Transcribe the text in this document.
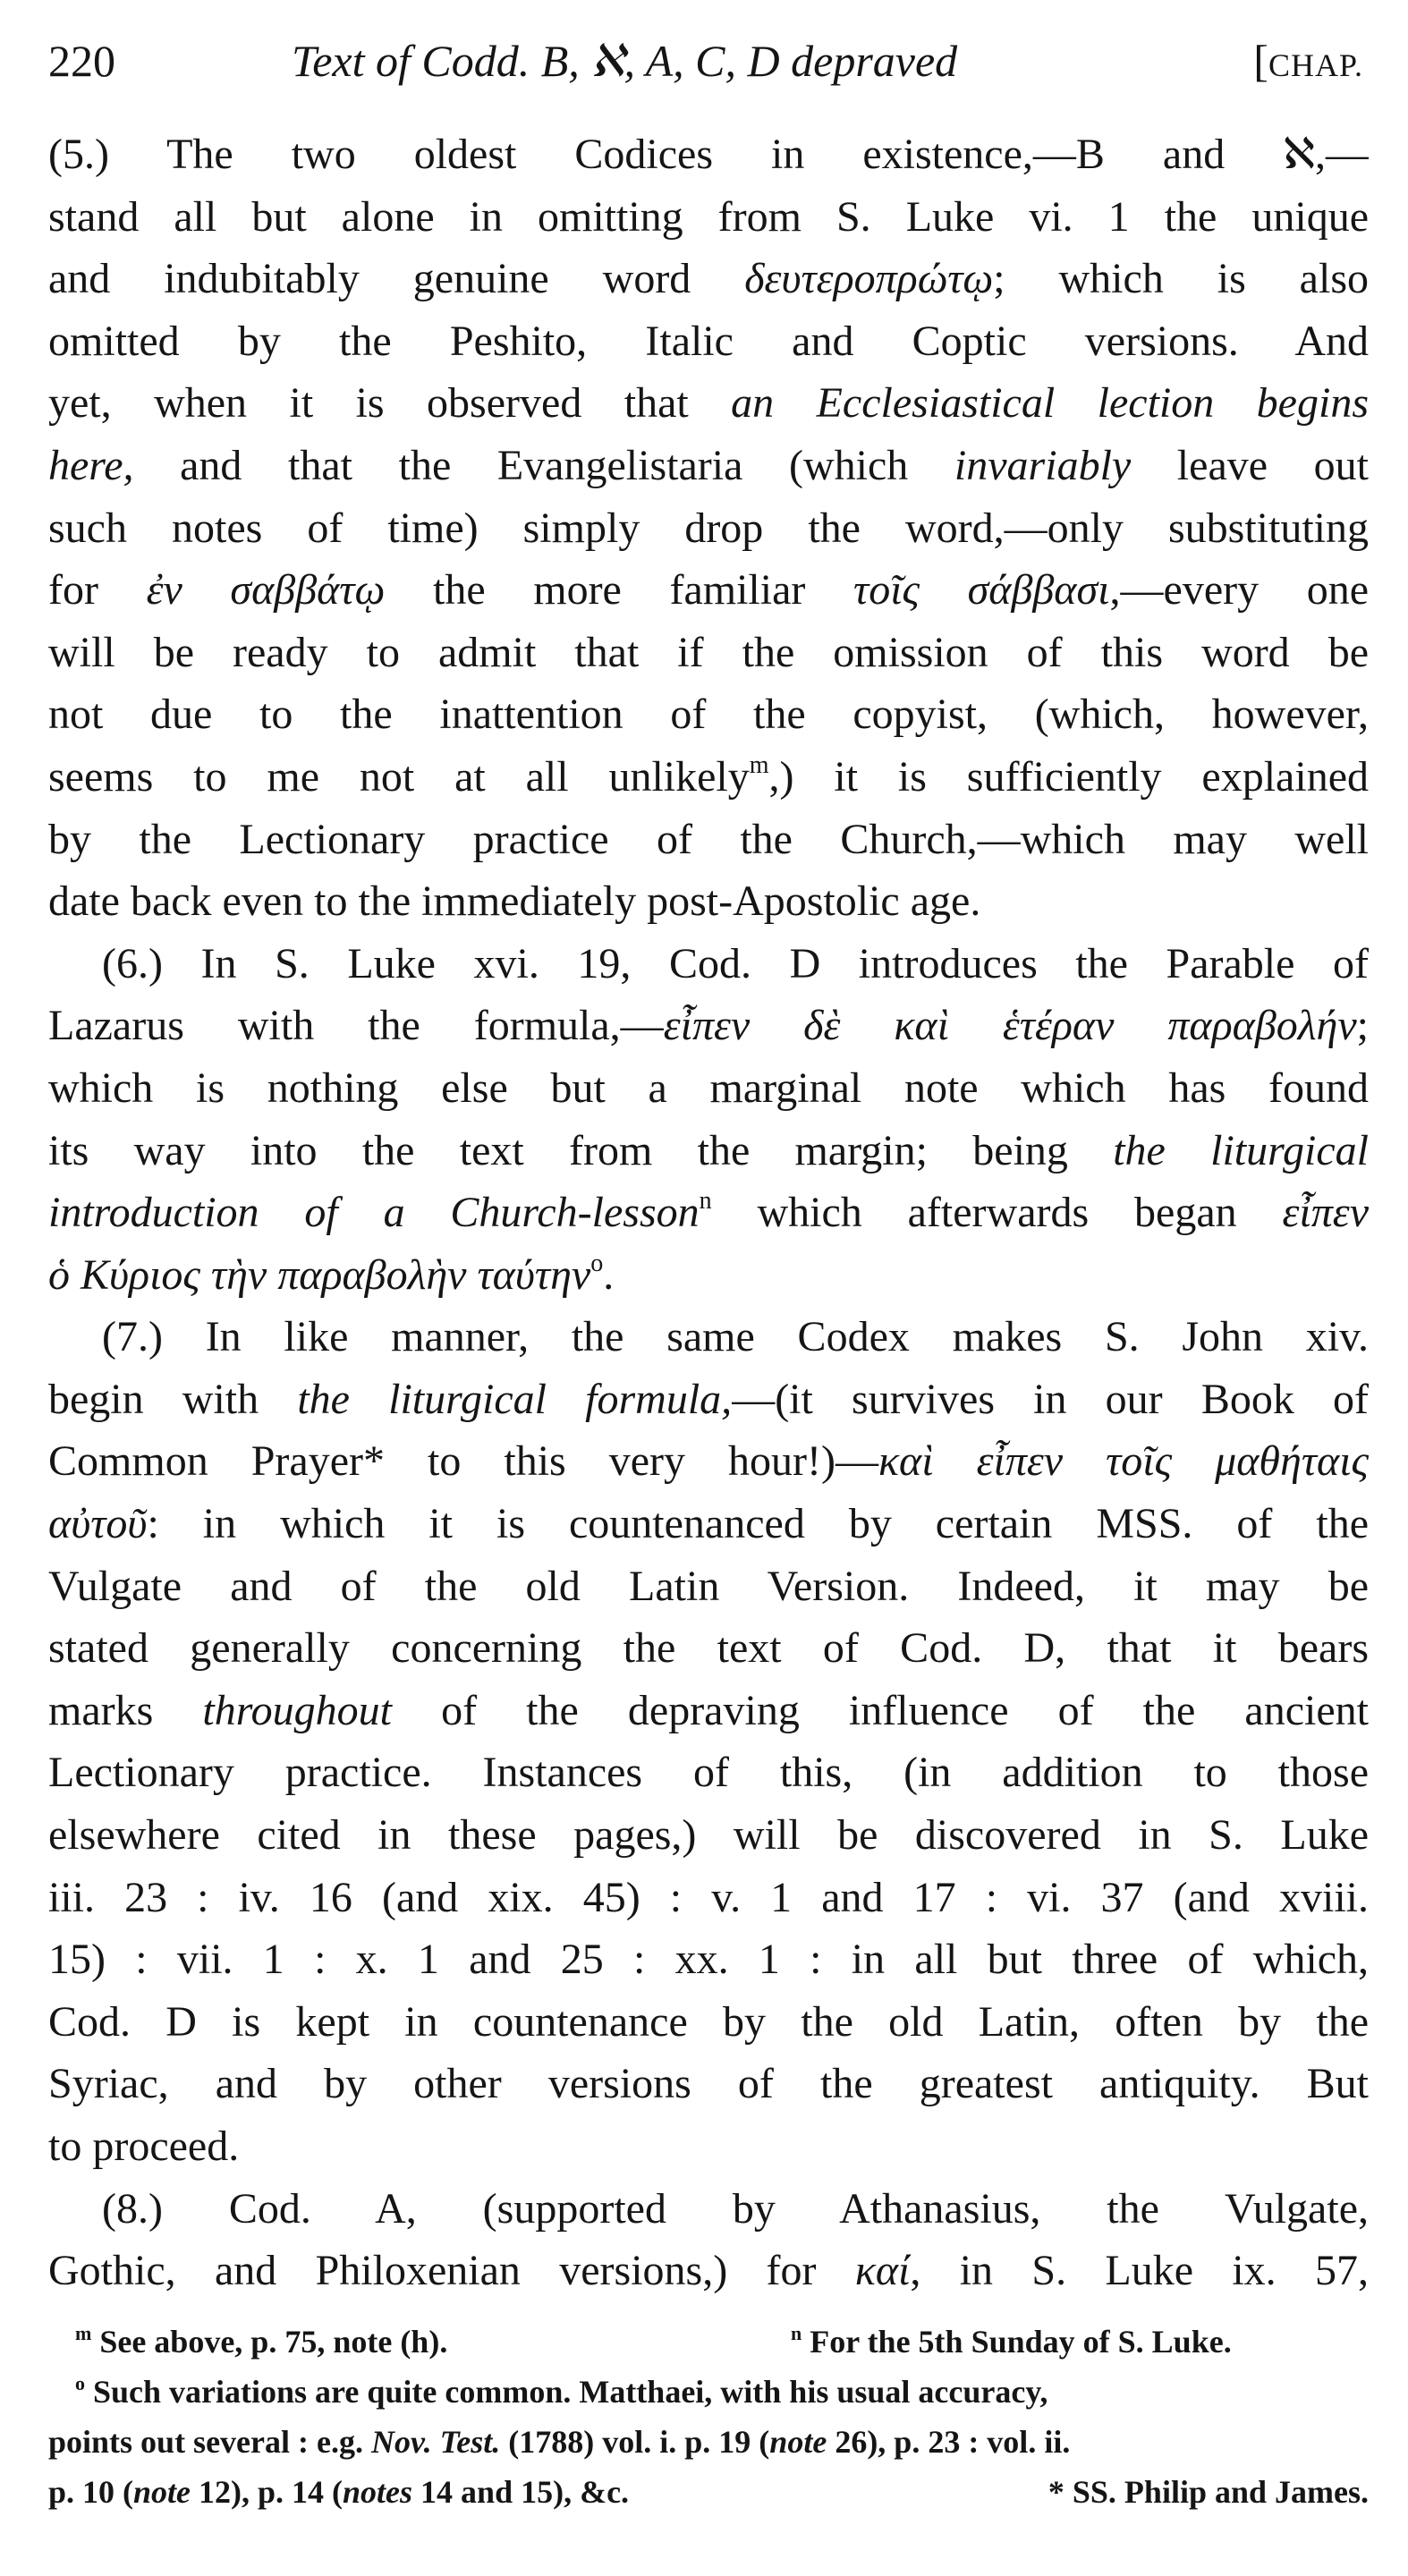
220	Text of Codd. B, ℵ, A, C, D depraved	[CHAP.
(5.) The two oldest Codices in existence,—B and ℵ,—
stand all but alone in omitting from S. Luke vi. 1 the unique
and indubitably genuine word δευτεροπρώτῳ; which is also
omitted by the Peshito, Italic and Coptic versions. And
yet, when it is observed that an Ecclesiastical lection begins
here, and that the Evangelistaria (which invariably leave out
such notes of time) simply drop the word,—only substituting
for ἐν σαββάτῳ the more familiar τοῖς σάββασι,—every one
will be ready to admit that if the omission of this word be
not due to the inattention of the copyist, (which, however,
seems to me not at all unlikely$^m$,) it is sufficiently explained
by the Lectionary practice of the Church,—which may well
date back even to the immediately post-Apostolic age.
(6.) In S. Luke xvi. 19, Cod. D introduces the Parable of
Lazarus with the formula,—εἶπεν δὲ καὶ ἑτέραν παραβολήν;
which is nothing else but a marginal note which has found
its way into the text from the margin; being the liturgical
introduction of a Church-lesson$^n$ which afterwards began εἶπεν
ὁ Κύριος τὴν παραβολὴν ταύτην$^o$.
(7.) In like manner, the same Codex makes S. John xiv.
begin with the liturgical formula,—(it survives in our Book of
Common Prayer* to this very hour!)—καὶ εἶπεν τοῖς μαθήταις
αὐτοῦ: in which it is countenanced by certain MSS. of the
Vulgate and of the old Latin Version. Indeed, it may be
stated generally concerning the text of Cod. D, that it bears
marks throughout of the depraving influence of the ancient
Lectionary practice. Instances of this, (in addition to those
elsewhere cited in these pages,) will be discovered in S. Luke
iii. 23 : iv. 16 (and xix. 45) : v. 1 and 17 : vi. 37 (and xviii.
15) : vii. 1 : x. 1 and 25 : xx. 1 : in all but three of which,
Cod. D is kept in countenance by the old Latin, often by the
Syriac, and by other versions of the greatest antiquity. But
to proceed.
(8.) Cod. A, (supported by Athanasius, the Vulgate,
Gothic, and Philoxenian versions,) for καί, in S. Luke ix. 57,
$^m$ See above, p. 75, note (h).	$^n$ For the 5th Sunday of S. Luke.
$^o$ Such variations are quite common. Matthaei, with his usual accuracy,
points out several : e.g. Nov. Test. (1788) vol. i. p. 19 (note 26), p. 23 : vol. ii.
p. 10 (note 12), p. 14 (notes 14 and 15), &c.	* SS. Philip and James.
